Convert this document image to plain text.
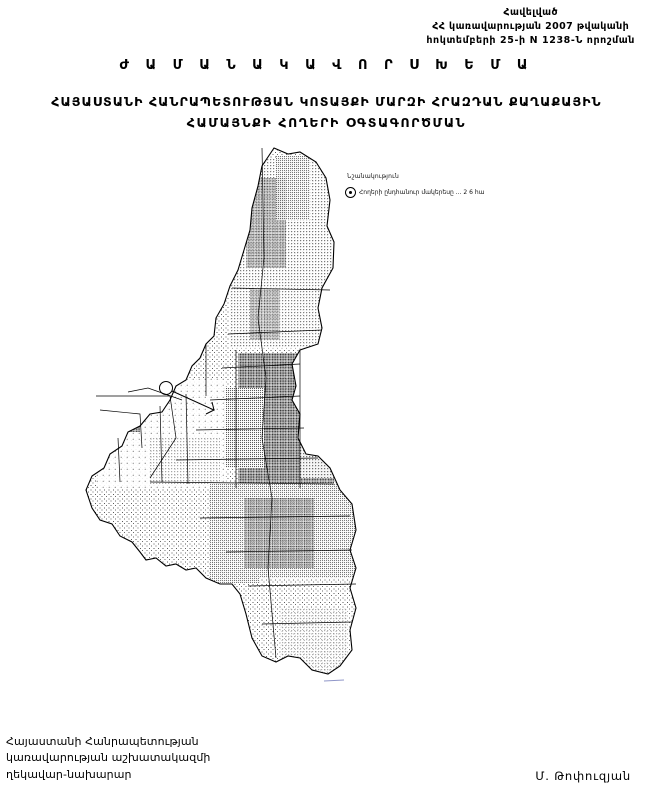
Հավելված
ՀՀ կառավարության 2007 թվականի
հոկտեմբերի 25-ի N 1238-Ն որոշման
Ժ Ա Մ Ա Ն Ա Կ Ա Վ Ո Ր Ս Խ Ե Մ Ա
ՀԱՅԱՍՏԱՆԻ ՀԱՆՐԱՊԵՏՈՒԹՅԱՆ ԿՈՏԱՅՔԻ ՄԱՐԶԻ ՀՐԱԶԴԱՆ ՔԱՂԱՔԱՅԻՆ
ՀԱՄԱՅՆՔԻ ՀՈՂԵՐԻ ՕԳՏԱԳՈՐԾՄԱՆ
Նշանակություն
Հողերի ընդհանուր մակերեսը ... 2 6 հա
Հայաստանի Հանրապետության
կառավարության աշխատակազմի
ղեկավար-նախարար	Մ. Թոփուզյան
